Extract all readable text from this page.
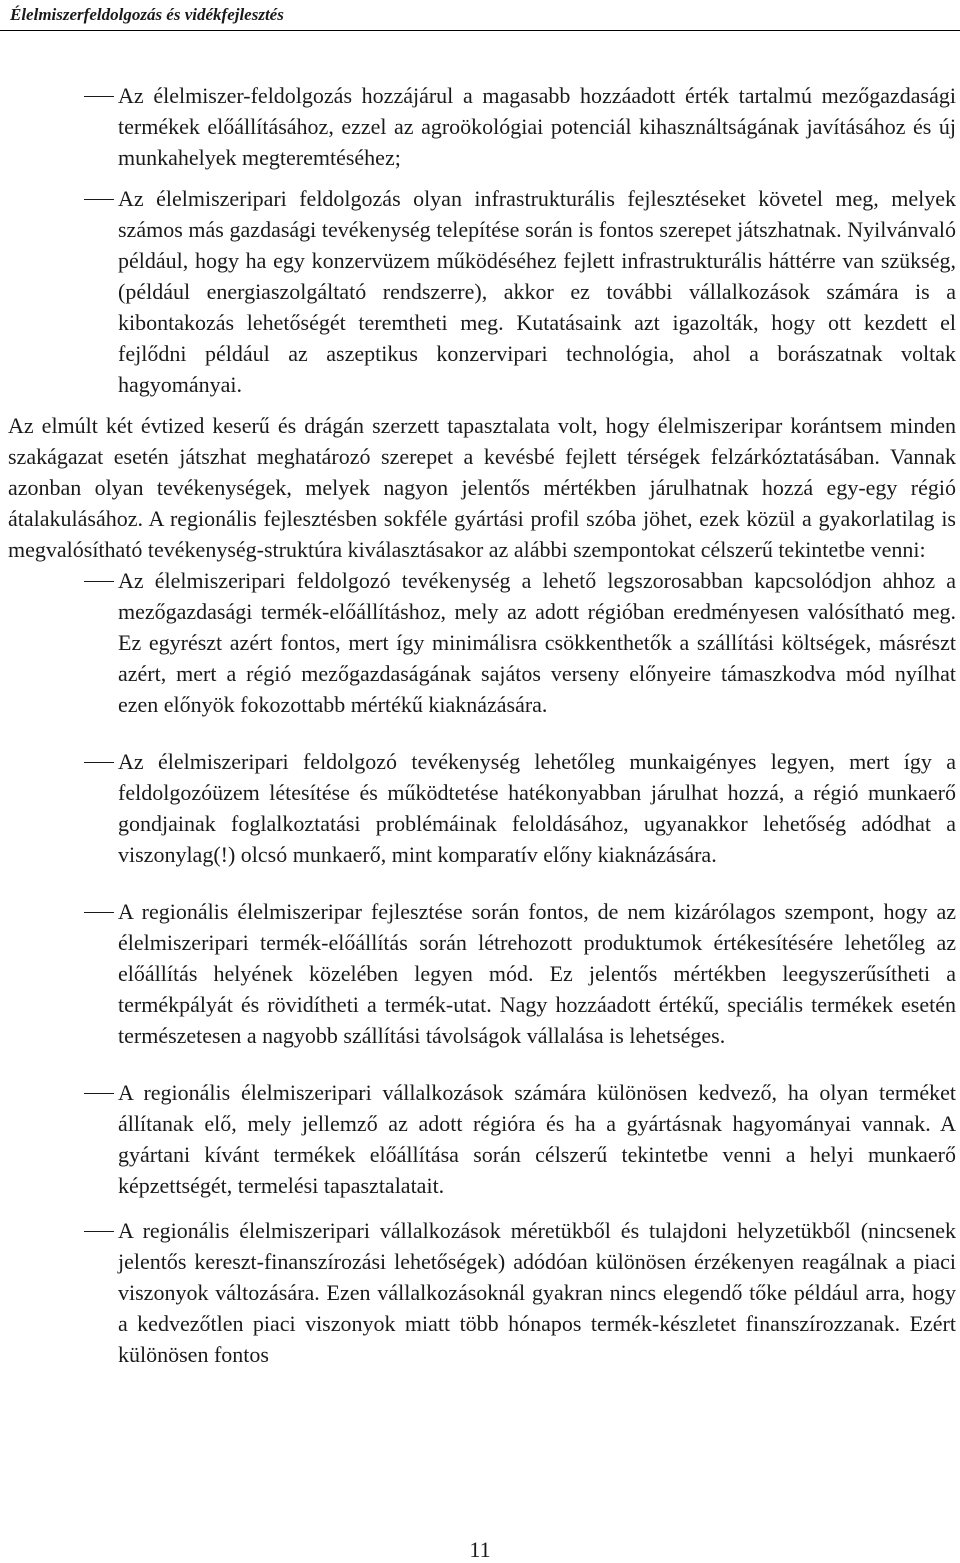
Élelmiszerfeldolgozás és vidékfejlesztés

Az élelmiszer-feldolgozás hozzájárul a magasabb hozzáadott érték tartalmú mezőgazdasági termékek előállításához, ezzel az agroökológiai potenciál kihasználtságának javításához és új munkahelyek megteremtéséhez;

Az élelmiszeripari feldolgozás olyan infrastrukturális fejlesztéseket követel meg, melyek számos más gazdasági tevékenység telepítése során is fontos szerepet játszhatnak. Nyilvánvaló például, hogy ha egy konzervüzem működéséhez fejlett infrastrukturális háttérre van szükség, (például energiaszolgáltató rendszerre), akkor ez további vállalkozások számára is a kibontakozás lehetőségét teremtheti meg. Kutatásaink azt igazolták, hogy ott kezdett el fejlődni például az aszeptikus konzervipari technológia, ahol a borászatnak voltak hagyományai.

Az elmúlt két évtized keserű és drágán szerzett tapasztalata volt, hogy élelmiszeripar korántsem minden szakágazat esetén játszhat meghatározó szerepet a kevésbé fejlett térségek felzárkóztatásában. Vannak azonban olyan tevékenységek, melyek nagyon jelentős mértékben járulhatnak hozzá egy-egy régió átalakulásához. A regionális fejlesztésben sokféle gyártási profil szóba jöhet, ezek közül a gyakorlatilag is megvalósítható tevékenység-struktúra kiválasztásakor az alábbi szempontokat célszerű tekintetbe venni:

Az élelmiszeripari feldolgozó tevékenység a lehető legszorosabban kapcsolódjon ahhoz a mezőgazdasági termék-előállításhoz, mely az adott régióban eredményesen valósítható meg. Ez egyrészt azért fontos, mert így minimálisra csökkenthetők a szállítási költségek, másrészt azért, mert a régió mezőgazdaságának sajátos verseny előnyeire támaszkodva mód nyílhat ezen előnyök fokozottabb mértékű kiaknázására.

Az élelmiszeripari feldolgozó tevékenység lehetőleg munkaigényes legyen, mert így a feldolgozóüzem létesítése és működtetése hatékonyabban járulhat hozzá, a régió munkaerő gondjainak foglalkoztatási problémáinak feloldásához, ugyanakkor lehetőség adódhat a viszonylag(!) olcsó munkaerő, mint komparatív előny kiaknázására.

A regionális élelmiszeripar fejlesztése során fontos, de nem kizárólagos szempont, hogy az élelmiszeripari termék-előállítás során létrehozott produktumok értékesítésére lehetőleg az előállítás helyének közelében legyen mód. Ez jelentős mértékben leegyszerűsítheti a termékpályát és rövidítheti a termék-utat. Nagy hozzáadott értékű, speciális termékek esetén természetesen a nagyobb szállítási távolságok vállalása is lehetséges.

A regionális élelmiszeripari vállalkozások számára különösen kedvező, ha olyan terméket állítanak elő, mely jellemző az adott régióra és ha a gyártásnak hagyományai vannak. A gyártani kívánt termékek előállítása során célszerű tekintetbe venni a helyi munkaerő képzettségét, termelési tapasztalatait.

A regionális élelmiszeripari vállalkozások méretükből és tulajdoni helyzetükből (nincsenek jelentős kereszt-finanszírozási lehetőségek) adódóan különösen érzékenyen reagálnak a piaci viszonyok változására. Ezen vállalkozásoknál gyakran nincs elegendő tőke például arra, hogy a kedvezőtlen piaci viszonyok miatt több hónapos termék-készletet finanszírozzanak. Ezért különösen fontos

11
